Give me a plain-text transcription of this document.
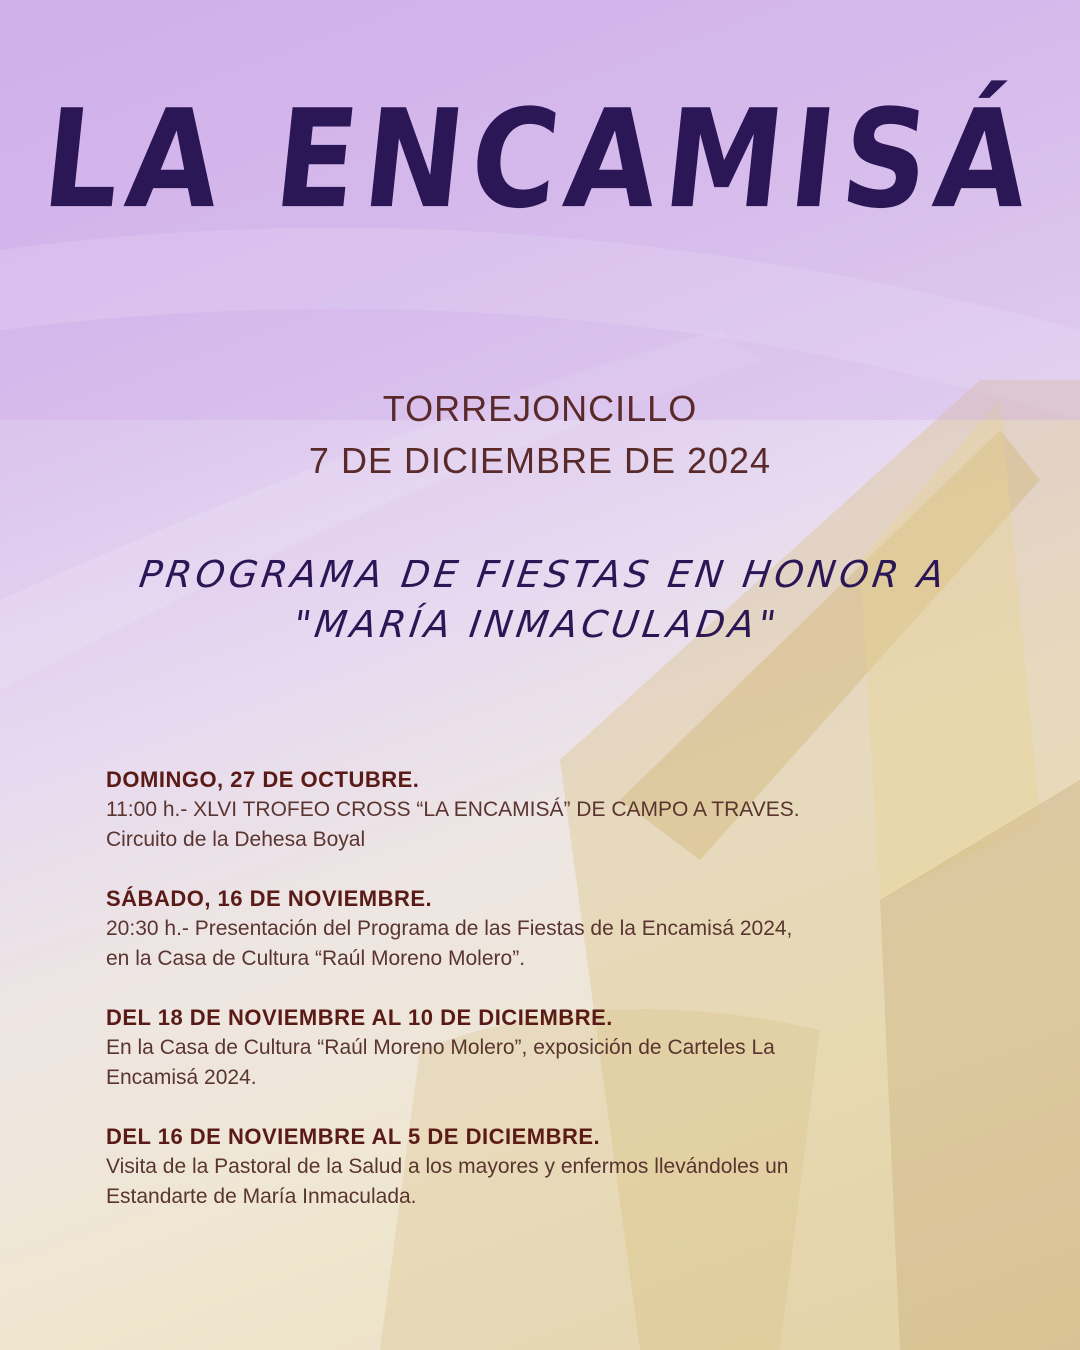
LA ENCAMISÁ
TORREJONCILLO
7 DE DICIEMBRE DE 2024
PROGRAMA DE FIESTAS EN HONOR A
"MARÍA INMACULADA"
DOMINGO, 27 DE OCTUBRE.
11:00 h.- XLVI TROFEO CROSS “LA ENCAMISÁ” DE CAMPO A TRAVES.
Circuito de la Dehesa Boyal
SÁBADO, 16 DE NOVIEMBRE.
20:30 h.- Presentación del Programa de las Fiestas de la Encamisá 2024,
en la Casa de Cultura “Raúl Moreno Molero”.
DEL 18 DE NOVIEMBRE AL 10 DE DICIEMBRE.
En la Casa de Cultura “Raúl Moreno Molero”, exposición de Carteles La
Encamisá 2024.
DEL 16 DE NOVIEMBRE AL 5 DE DICIEMBRE.
Visita de la Pastoral de la Salud a los mayores y enfermos llevándoles un
Estandarte de María Inmaculada.
